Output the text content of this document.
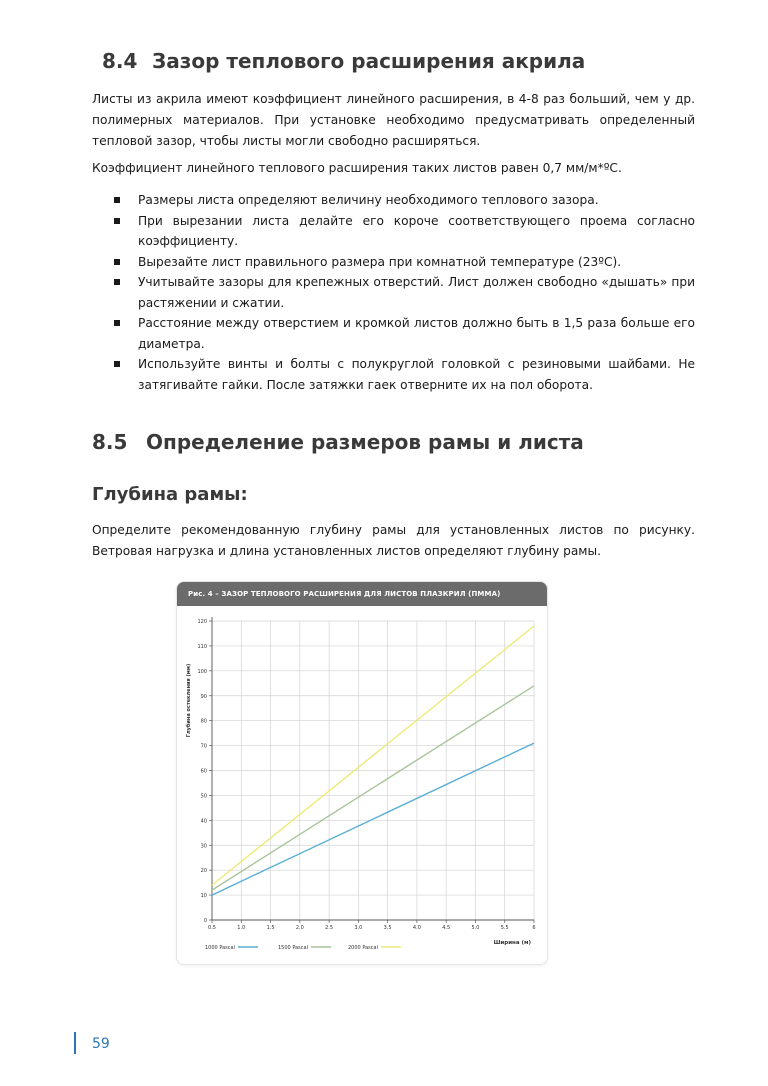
8.4 Зазор теплового расширения акрила

Листы из акрила имеют коэффициент линейного расширения, в 4-8 раз больший, чем у др. полимерных материалов. При установке необходимо предусматривать определенный тепловой зазор, чтобы листы могли свободно расширяться.

Коэффициент линейного теплового расширения таких листов равен 0,7 мм/м*ºС.

Размеры листа определяют величину необходимого теплового зазора.
При вырезании листа делайте его короче соответствующего проема согласно коэффициенту.
Вырезайте лист правильного размера при комнатной температуре (23ºС).
Учитывайте зазоры для крепежных отверстий. Лист должен свободно «дышать» при растяжении и сжатии.
Расстояние между отверстием и кромкой листов должно быть в 1,5 раза больше его диаметра.
Используйте винты и болты с полукруглой головкой с резиновыми шайбами. Не затягивайте гайки. После затяжки гаек отверните их на пол оборота.
8.5 Определение размеров рамы и листа
Глубина рамы:

Определите рекомендованную глубину рамы для установленных листов по рисунку. Ветровая нагрузка и длина установленных листов определяют глубину рамы.

Рис. 4 – ЗАЗОР ТЕПЛОВОГО РАСШИРЕНИЯ ДЛЯ ЛИСТОВ ПЛАЗКРИЛ (ПММА)
0
10
20
30
40
50
60
70
80
90
100
110
120
0.5	1.0	1.5	2.0	2.5	3.0	3.5	4.0	4.5	5.0	5.5	6
Глубина остекления (мм)
Ширина (м)
1000 Pascal	1500 Pascal	2000 Pascal
59
